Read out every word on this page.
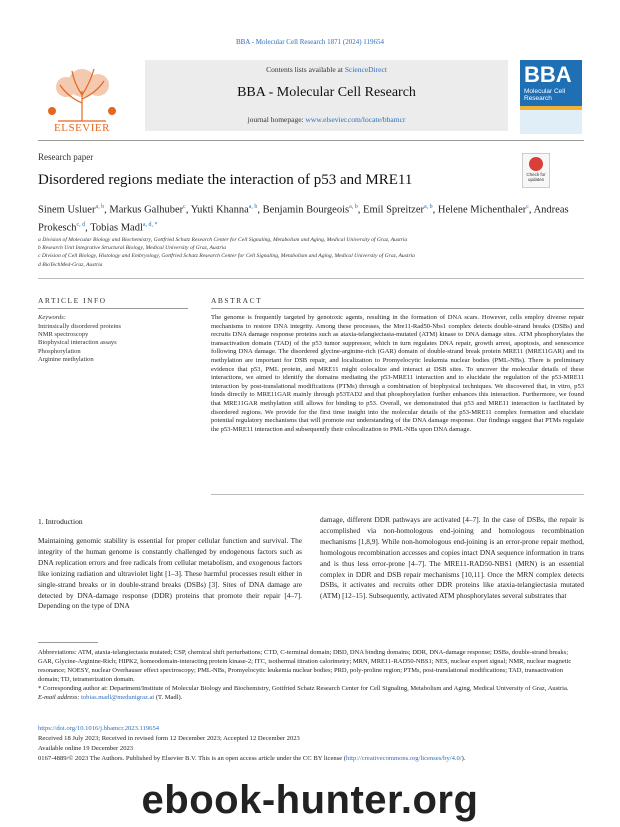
BBA - Molecular Cell Research 1871 (2024) 119654
Contents lists available at ScienceDirect
BBA - Molecular Cell Research
journal homepage: www.elsevier.com/locate/bbamcr
ELSEVIER
BBA
Molecular Cell Research
Research paper
Disordered regions mediate the interaction of p53 and MRE11	Check for updates
Sinem Usluer$^{a, b}$, Markus Galhuber$^c$, Yukti Khanna$^{a, b}$, Benjamin Bourgeois$^{a, b}$, Emil Spreitzer$^{a, b}$, Helene Michenthaler$^c$, Andreas Prokesch$^{c, d}$, Tobias Madl$^{a, d, *}$
a Division of Molecular Biology and Biochemistry, Gottfried Schatz Research Center for Cell Signaling, Metabolism and Aging, Medical University of Graz, Austria
b Research Unit Integrative Structural Biology, Medical University of Graz, Austria
c Division of Cell Biology, Histology and Embryology, Gottfried Schatz Research Center for Cell Signaling, Metabolism and Aging, Medical University of Graz, Austria
d BioTechMed-Graz, Austria
ARTICLE INFO
Keywords:
Intrinsically disordered proteins
NMR spectroscopy
Biophysical interaction assays
Phosphorylation
Arginine methylation
ABSTRACT
The genome is frequently targeted by genotoxic agents, resulting in the formation of DNA scars. However, cells employ diverse repair mechanisms to restore DNA integrity. Among these processes, the Mre11-Rad50-Nbs1 complex detects double-strand breaks (DSBs) and recruits DNA damage response proteins such as ataxia-telangiectasia-mutated (ATM) kinase to DNA damage sites. ATM phosphorylates the transactivation domain (TAD) of the p53 tumor suppressor, which in turn regulates DNA repair, growth arrest, apoptosis, and senescence following DNA damage. The disordered glycine-arginine-rich (GAR) domain of double-strand break protein MRE11 (MRE11GAR) and its methylation are important for DSB repair, and localization to Promyelocytic leukemia nuclear bodies (PML-NBs). There is preliminary evidence that p53, PML protein, and MRE11 might colocalize and interact at DSB sites. To uncover the molecular details of these interactions, we aimed to identify the domains mediating the p53-MRE11 interaction and to elucidate the regulation of the p53-MRE11 interaction by post-translational modifications (PTMs) through a combination of biophysical techniques. We discovered that, in vitro, p53 binds directly to MRE11GAR mainly through p53TAD2 and that phosphorylation further enhances this interaction. Furthermore, we found that MRE11GAR methylation still allows for binding to p53. Overall, we demonstrated that p53 and MRE11 interaction is facilitated by disordered regions. We provide for the first time insight into the molecular details of the p53-MRE11 complex formation and elucidate potential regulatory mechanisms that will promote our understanding of the DNA damage response. Our findings suggest that PTMs regulate the p53-MRE11 interaction and subsequently their colocalization to PML-NBs upon DNA damage.
1. Introduction
Maintaining genomic stability is essential for proper cellular function and survival. The integrity of the human genome is constantly challenged by endogenous factors such as DNA replication errors and free radicals from cellular metabolism, and exogenous factors like ionizing radiation and ultraviolet light [1–3]. These harmful processes result either in single-strand breaks or in double-strand breaks (DSBs) [3]. Sites of DNA damage are detected by DNA-damage response (DDR) proteins that promote their repair [4–7]. Depending on the type of DNA
damage, different DDR pathways are activated [4–7]. In the case of DSBs, the repair is accomplished via non-homologous end-joining and homologous recombination mechanisms [1,8,9]. While non-homologous end-joining is an error-prone repair method, homologous recombination accesses and copies intact DNA sequence information in trans and is thus less error-prone [4–7]. The MRE11-RAD50-NBS1 (MRN) is an essential complex in DDR and DSB repair mechanisms [10,11]. Once the MRN complex detects DSBs, it activates and recruits other DDR proteins like ataxia-telangiectasia mutated (ATM) [12–15]. Subsequently, activated ATM phosphorylates several substrates that
Abbreviations: ATM, ataxia-telangiectasia mutated; CSP, chemical shift perturbations; CTD, C-terminal domain; DBD, DNA binding domains; DDR, DNA-damage response; DSBs, double-strand breaks; GAR, Glycine-Arginine-Rich; HIPK2, homeodomain-interacting protein kinase-2; ITC, isothermal titration calorimetry; MRN, MRE11-RAD50-NBS1; NES, nuclear export signal; NMR, nuclear magnetic resonance; NOESY, nuclear Overhauser effect spectroscopy; PML-NBs, Promyelocytic leukemia nuclear bodies; PRD, poly-proline region; PTMs, post-translational modifications; TAD, transactivation domain; TD, tetramerization domain.
* Corresponding author at: Department/Institute of Molecular Biology and Biochemistry, Gottfried Schatz Research Center for Cell Signaling, Metabolism and Aging, Medical University of Graz, Austria.
E-mail address: tobias.madl@medunigraz.at (T. Madl).
https://doi.org/10.1016/j.bbamcr.2023.119654
Received 18 July 2023; Received in revised form 12 December 2023; Accepted 12 December 2023
Available online 19 December 2023
0167-4889/© 2023 The Authors. Published by Elsevier B.V. This is an open access article under the CC BY license (http://creativecommons.org/licenses/by/4.0/).
ebook-hunter.org
